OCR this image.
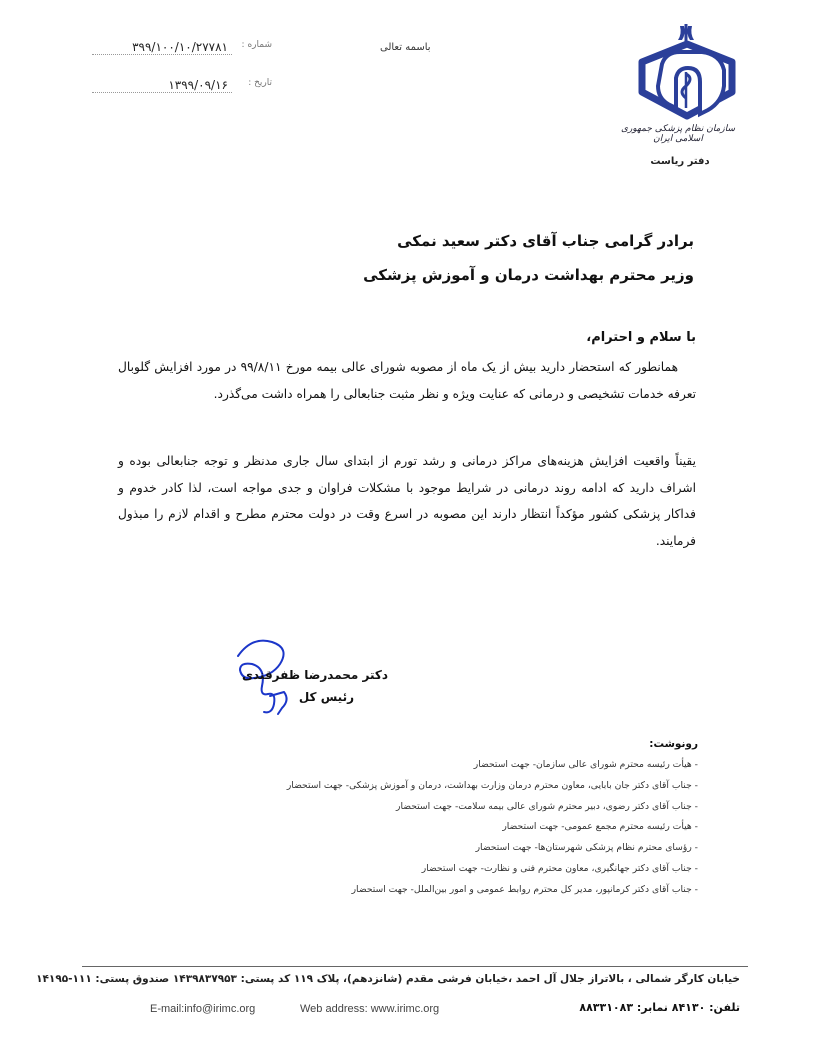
باسمه تعالی
شماره :
۳۹۹/۱۰۰/۱۰/۲۷۷۸۱
تاریخ :
۱۳۹۹/۰۹/۱۶
سازمان نظام پزشکی جمهوری اسلامی ایران
دفتر ریاست
برادر گرامی جناب آقای دکتر سعید نمکی
وزیر محترم بهداشت درمان و آموزش پزشکی
با سلام و احترام،
همانطور که استحضار دارید بیش از یک ماه از مصوبه شورای عالی بیمه مورخ ۹۹/۸/۱۱ در مورد افزایش گلوبال تعرفه خدمات تشخیصی و درمانی که عنایت ویژه و نظر مثبت جنابعالی را همراه داشت می‌گذرد.
یقیناً واقعیت افزایش هزینه‌های مراکز درمانی و رشد تورم از ابتدای سال جاری مدنظر و توجه جنابعالی بوده و اشراف دارید که ادامه روند درمانی در شرایط موجود با مشکلات فراوان و جدی مواجه است، لذا کادر خدوم و فداکار پزشکی کشور مؤکداً انتظار دارند این مصوبه در اسرع وقت در دولت محترم مطرح و اقدام لازم را مبذول فرمایند.
دکتر محمدرضا ظفرقندی
رئیس کل
رونوشت:
- هیأت رئیسه محترم شورای عالی سازمان- جهت استحضار
- جناب آقای دکتر جان بابایی، معاون محترم درمان وزارت بهداشت، درمان و آموزش پزشکی- جهت استحضار
- جناب آقای دکتر رضوی، دبیر محترم شورای عالی بیمه سلامت- جهت استحضار
- هیأت رئیسه محترم مجمع عمومی- جهت استحضار
- رؤسای محترم نظام پزشکی شهرستان‌ها- جهت استحضار
- جناب آقای دکتر جهانگیری، معاون محترم فنی و نظارت- جهت استحضار
- جناب آقای دکتر کرمانپور، مدیر کل محترم روابط عمومی و امور بین‌الملل- جهت استحضار
خیابان کارگر شمالی ، بالاتراز جلال آل احمد ،خیابان فرشی مقدم (شانزدهم)، پلاک ۱۱۹ کد پستی: ۱۴۳۹۸۳۷۹۵۳ صندوق پستی: ۱۱۱-۱۴۱۹۵
تلفن: ۸۴۱۳۰ نمابر: ۸۸۳۳۱۰۸۳
Web address: www.irimc.org
E-mail:info@irimc.org
